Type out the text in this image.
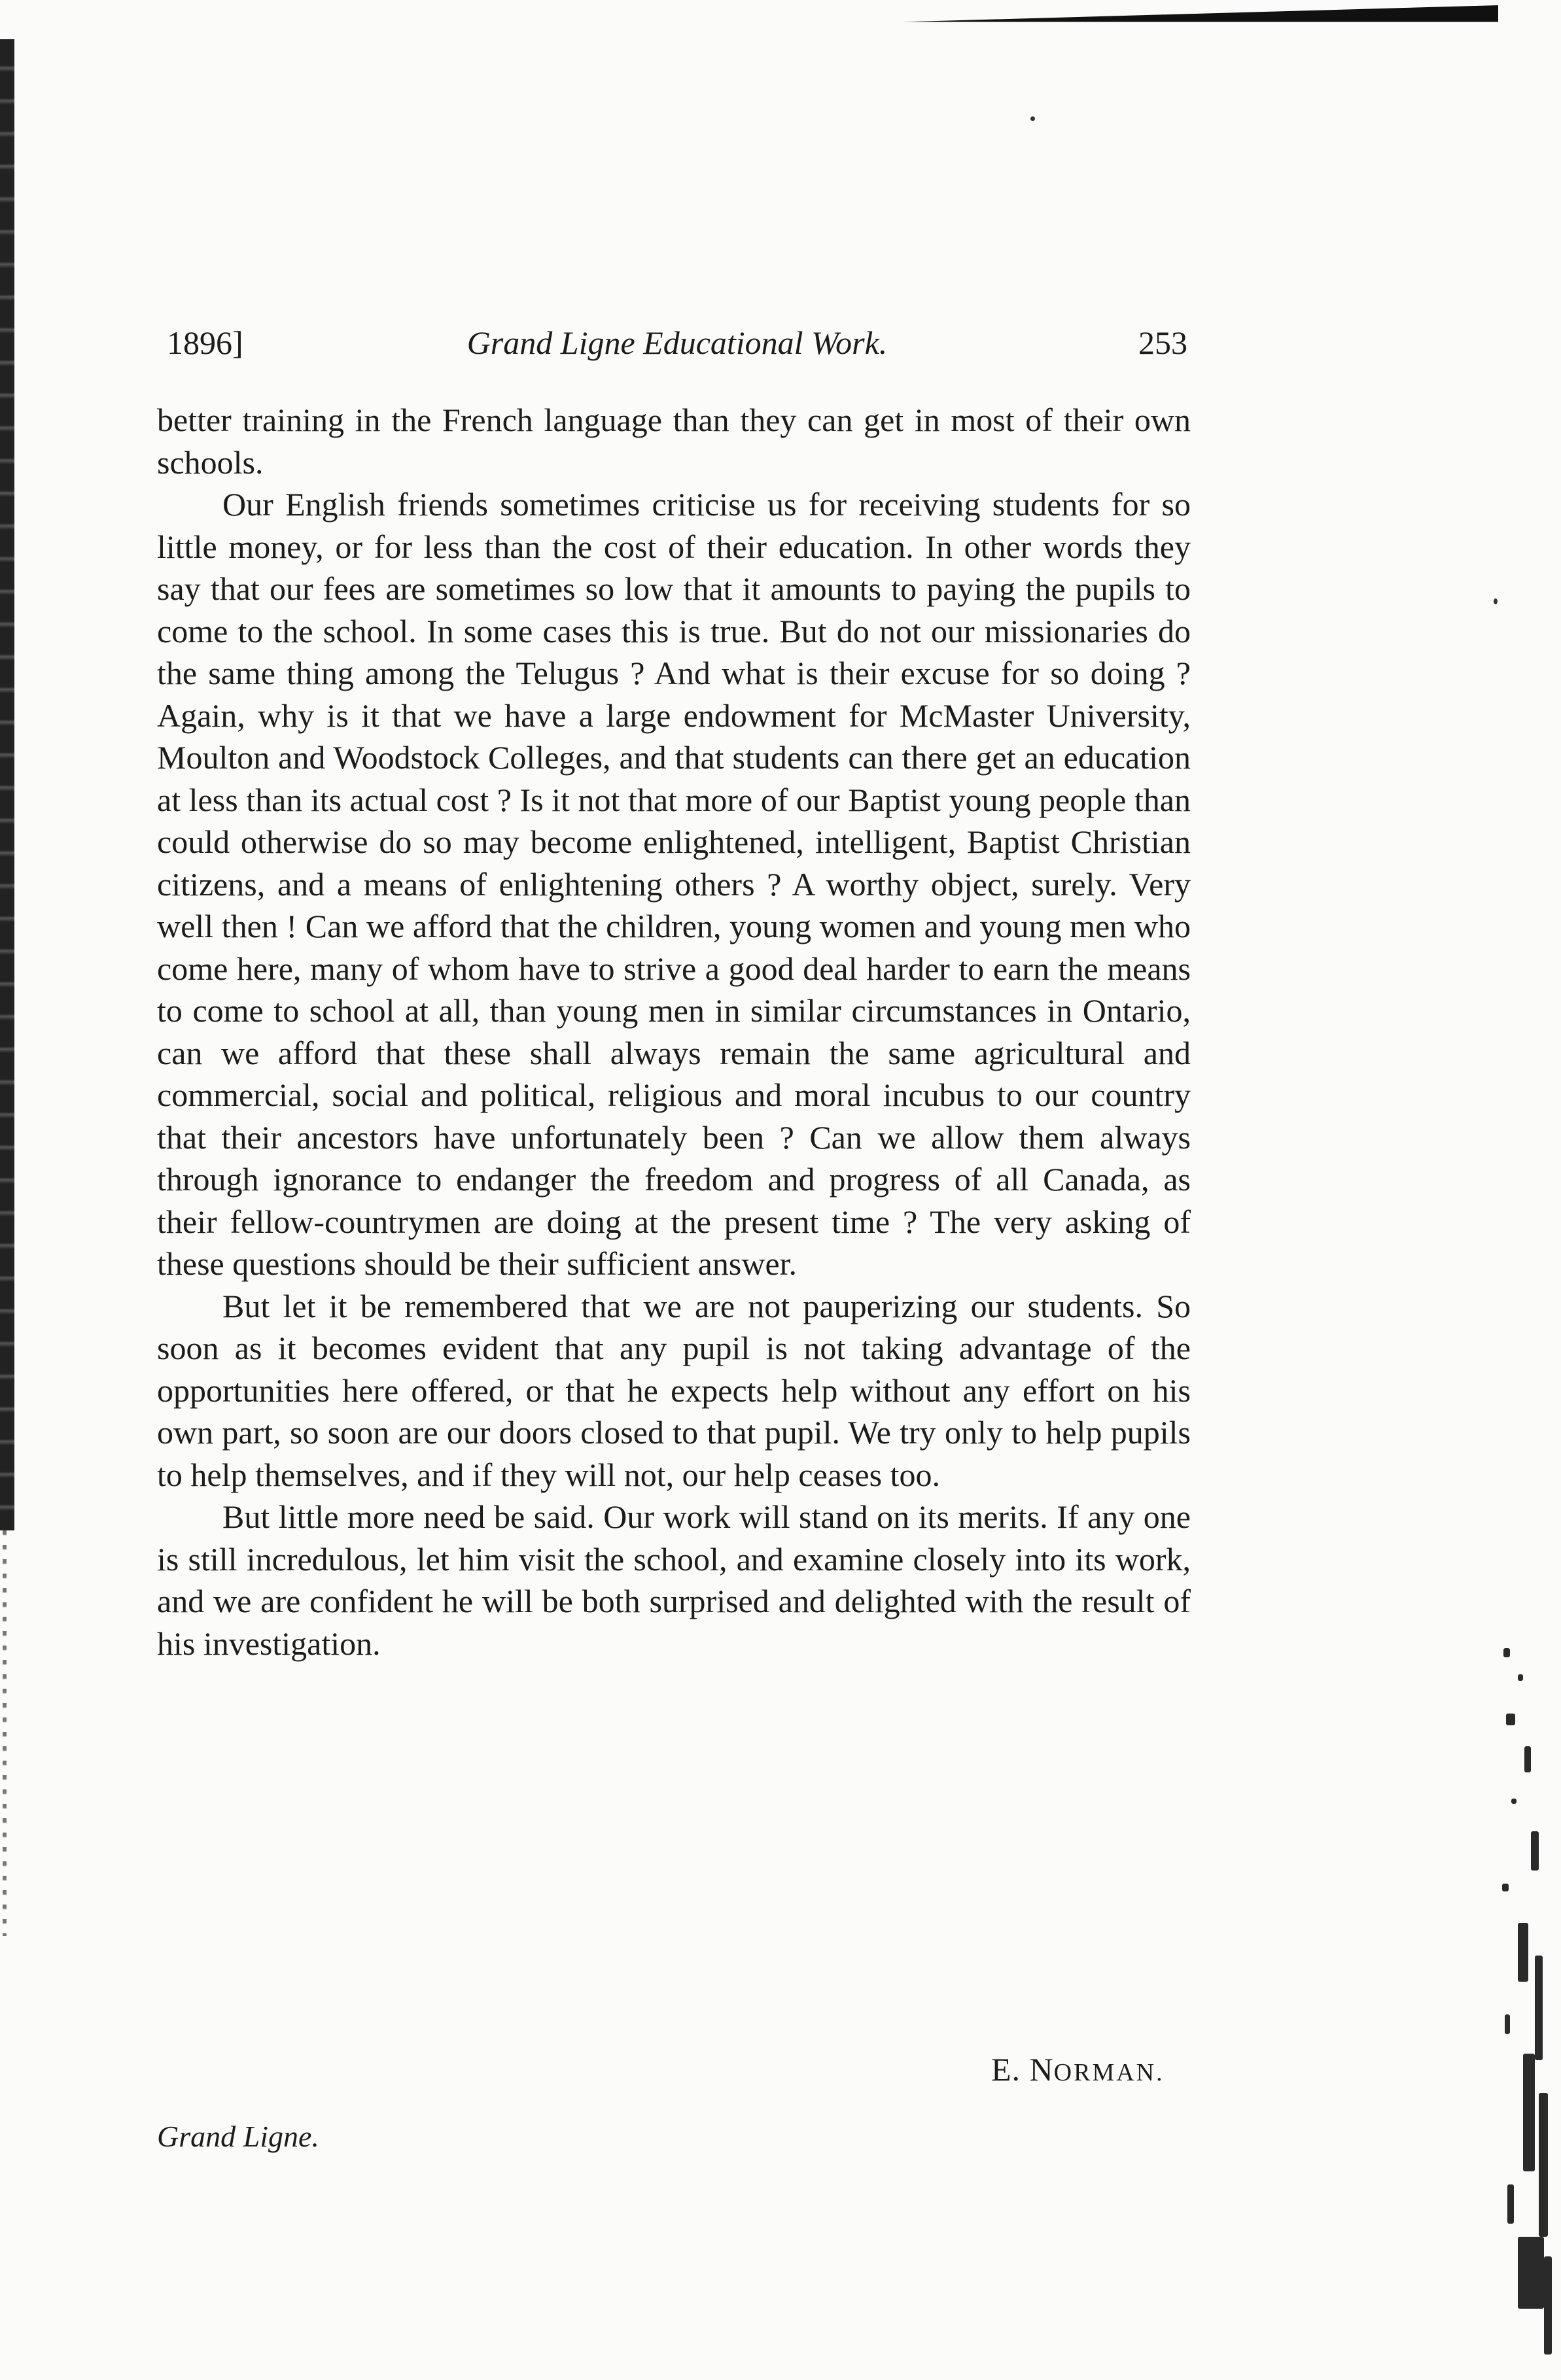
1896]	Grand Ligne Educational Work.	253

better training in the French language than they can get in most of their own schools.

Our English friends sometimes criticise us for receiving students for so little money, or for less than the cost of their education. In other words they say that our fees are sometimes so low that it amounts to paying the pupils to come to the school. In some cases this is true. But do not our missionaries do the same thing among the Telugus ? And what is their excuse for so doing ? Again, why is it that we have a large endowment for McMaster University, Moulton and Woodstock Colleges, and that students can there get an education at less than its actual cost ? Is it not that more of our Baptist young people than could otherwise do so may become enlightened, intelligent, Baptist Christian citizens, and a means of enlightening others ? A worthy object, surely. Very well then ! Can we afford that the children, young women and young men who come here, many of whom have to strive a good deal harder to earn the means to come to school at all, than young men in similar circumstances in Ontario, can we afford that these shall always remain the same agricultural and commercial, social and political, religious and moral incubus to our country that their ancestors have unfortunately been ? Can we allow them always through ignorance to endanger the freedom and progress of all Canada, as their fellow-countrymen are doing at the present time ? The very asking of these questions should be their sufficient answer.

But let it be remembered that we are not pauperizing our students. So soon as it becomes evident that any pupil is not taking advantage of the opportunities here offered, or that he expects help without any effort on his own part, so soon are our doors closed to that pupil. We try only to help pupils to help themselves, and if they will not, our help ceases too.

But little more need be said. Our work will stand on its merits. If any one is still incredulous, let him visit the school, and examine closely into its work, and we are confident he will be both surprised and delighted with the result of his investigation.

E. NORMAN.
Grand Ligne.
